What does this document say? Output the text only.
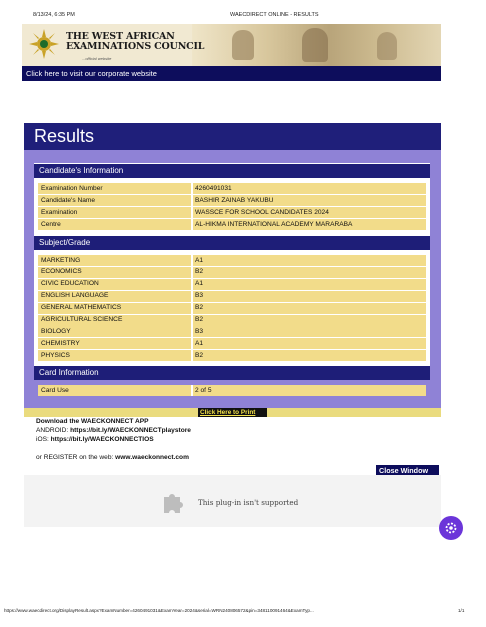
8/13/24, 6:35 PM	WAECDIRECT ONLINE - RESULTS
THE WEST AFRICAN
EXAMINATIONS COUNCIL
...official website
Click here to visit our corporate website
Results
Candidate's Information
Examination Number	4260491031
Candidate's Name	BASHIR ZAINAB YAKUBU
Examination	WASSCE FOR SCHOOL CANDIDATES 2024
Centre	AL-HIKMA INTERNATIONAL ACADEMY MARARABA
Subject/Grade
MARKETING	A1
ECONOMICS	B2
CIVIC EDUCATION	A1
ENGLISH LANGUAGE	B3
GENERAL MATHEMATICS	B2
AGRICULTURAL SCIENCE	B2
BIOLOGY	B3
CHEMISTRY	A1
PHYSICS	B2
Card Information
Card Use	2 of 5
Click Here to Print
Download the WAECKONNECT APP
ANDROID: https://bit.ly/WAECKONNECTplaystore
iOS: https://bit.ly/WAECKONNECTIOS
or REGISTER on the web: www.waeckonnect.com
Close Window
This plug-in isn't supported
https://www.waecdirect.org/DisplayResult.aspx?ExamNumber=4260491031&ExamYear=2024&serial=WRN240806572&pin=348110091464&ExamTyp...	1/1
